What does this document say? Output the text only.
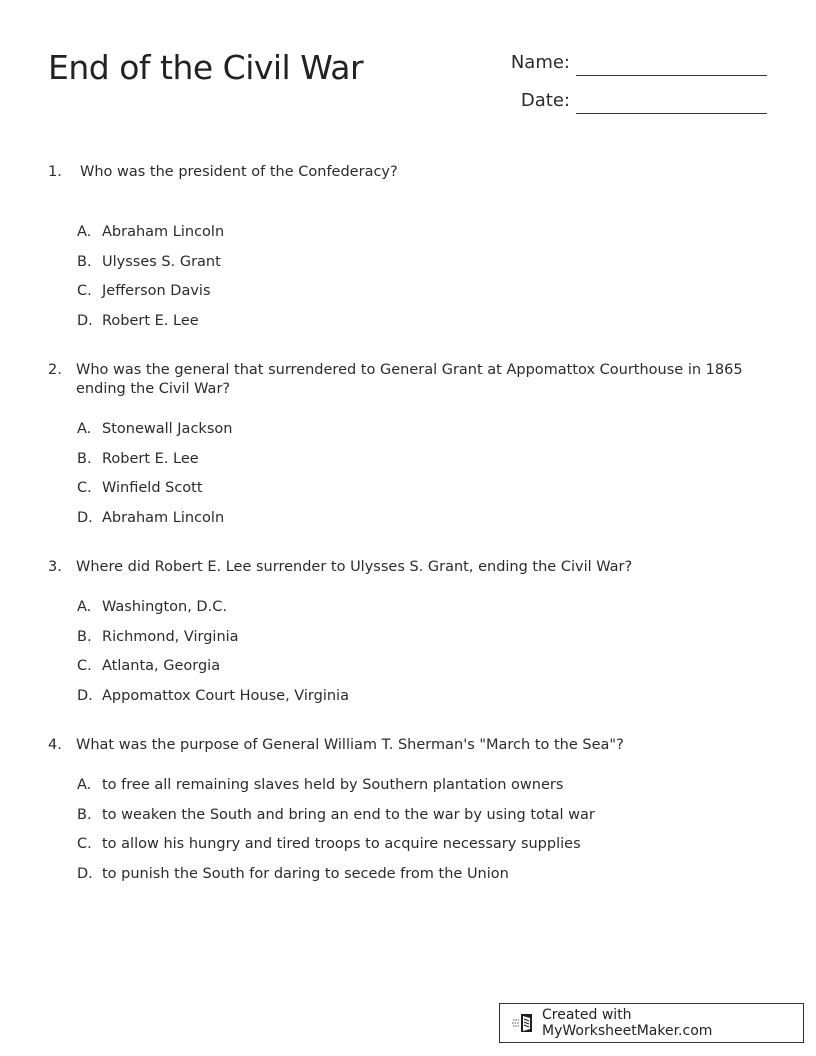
End of the Civil War	Name:
Date:
1. Who was the president of the Confederacy?
A. Abraham Lincoln
B. Ulysses S. Grant
C. Jefferson Davis
D. Robert E. Lee
2. Who was the general that surrendered to General Grant at Appomattox Courthouse in 1865 ending the Civil War?
A. Stonewall Jackson
B. Robert E. Lee
C. Winfield Scott
D. Abraham Lincoln
3. Where did Robert E. Lee surrender to Ulysses S. Grant, ending the Civil War?
A. Washington, D.C.
B. Richmond, Virginia
C. Atlanta, Georgia
D. Appomattox Court House, Virginia
4. What was the purpose of General William T. Sherman's "March to the Sea"?
A. to free all remaining slaves held by Southern plantation owners
B. to weaken the South and bring an end to the war by using total war
C. to allow his hungry and tired troops to acquire necessary supplies
D. to punish the South for daring to secede from the Union
Created with MyWorksheetMaker.com
